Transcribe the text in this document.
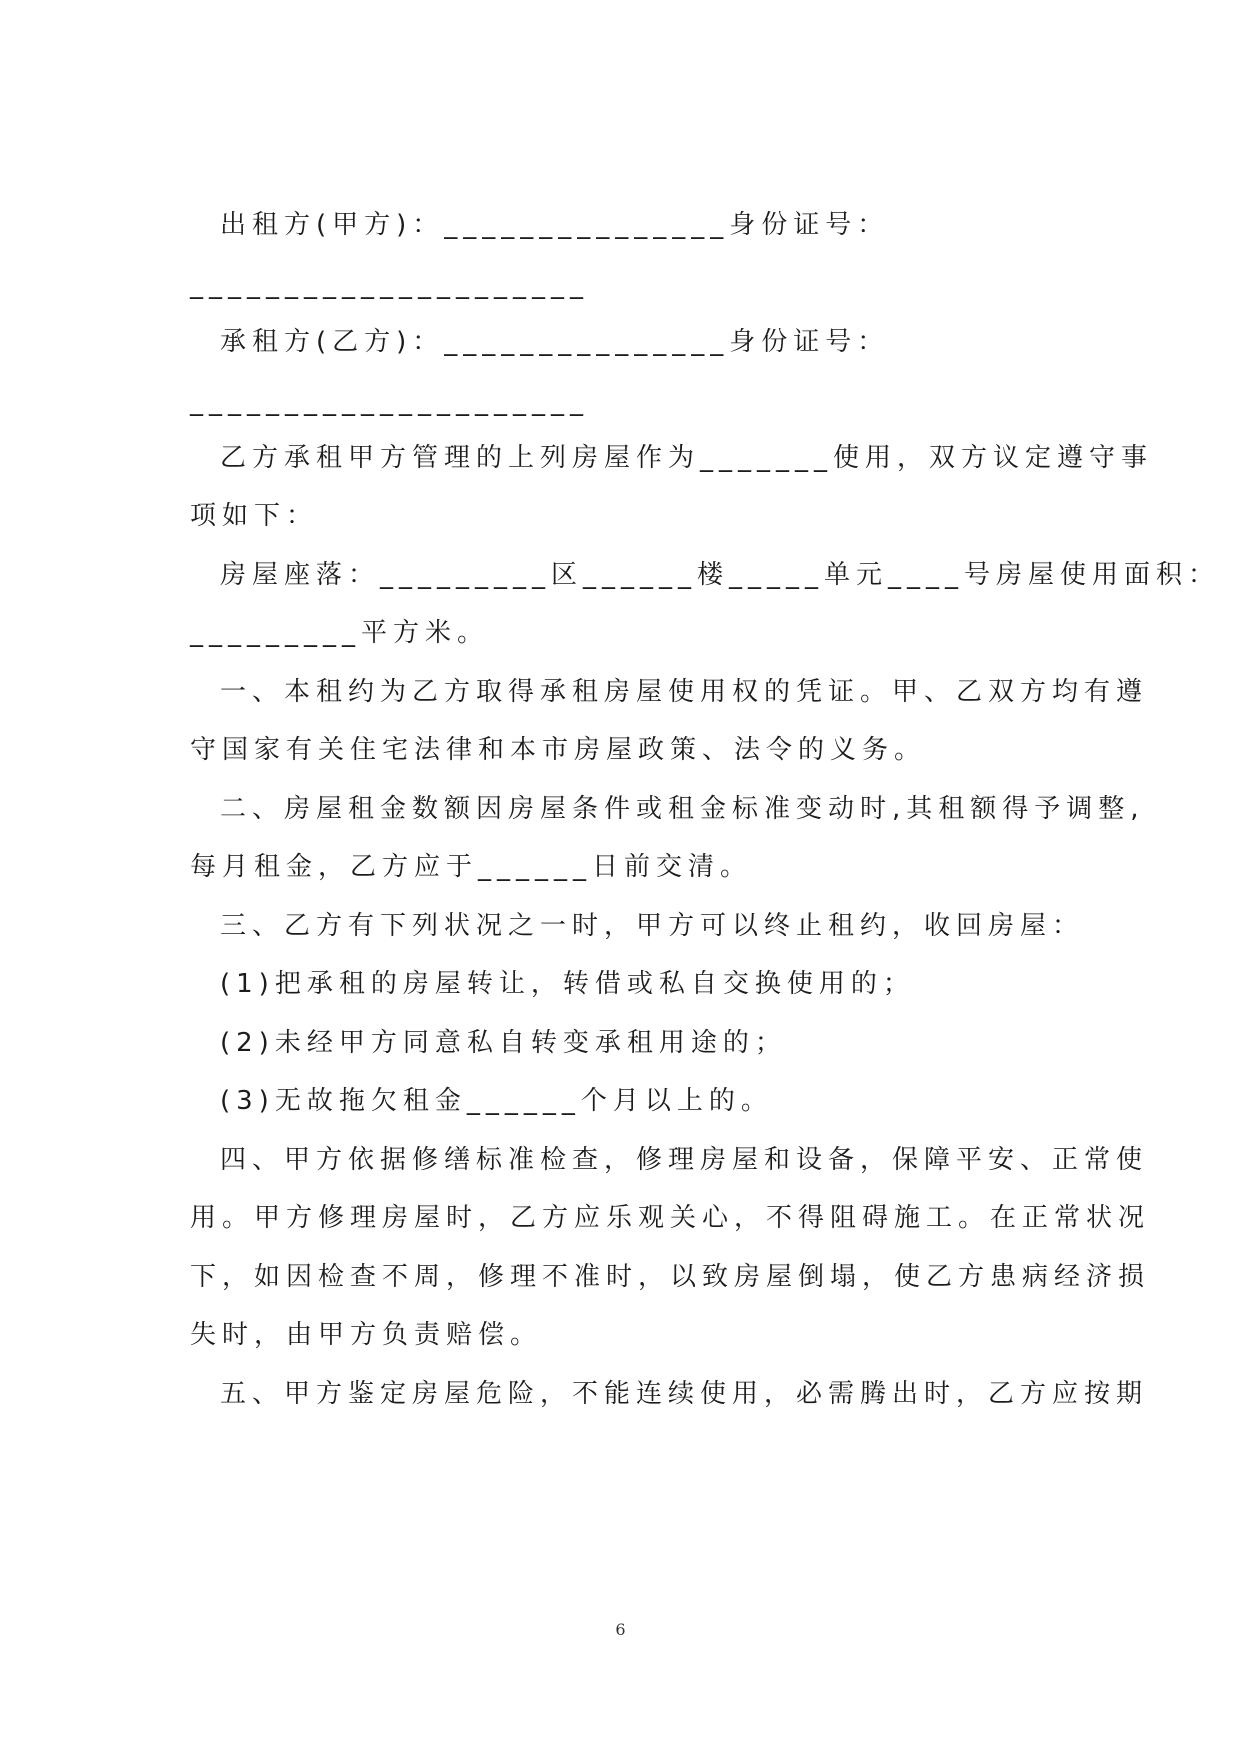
出租方(甲方)：_______________身份证号：
_____________________
承租方(乙方)：_______________身份证号：
_____________________
乙方承租甲方管理的上列房屋作为_______使用，双方议定遵守事
项如下：
房屋座落：_________区______楼_____单元____号房屋使用面积：
_________平方米。
一、本租约为乙方取得承租房屋使用权的凭证。甲、乙双方均有遵
守国家有关住宅法律和本市房屋政策、法令的义务。
二、房屋租金数额因房屋条件或租金标准变动时,其租额得予调整,
每月租金，乙方应于______日前交清。
三、乙方有下列状况之一时，甲方可以终止租约，收回房屋：
(1)把承租的房屋转让，转借或私自交换使用的；
(2)未经甲方同意私自转变承租用途的；
(3)无故拖欠租金______个月以上的。
四、甲方依据修缮标准检查，修理房屋和设备，保障平安、正常使
用。甲方修理房屋时，乙方应乐观关心，不得阻碍施工。在正常状况
下，如因检查不周，修理不准时，以致房屋倒塌，使乙方患病经济损
失时，由甲方负责赔偿。
五、甲方鉴定房屋危险，不能连续使用，必需腾出时，乙方应按期
6
